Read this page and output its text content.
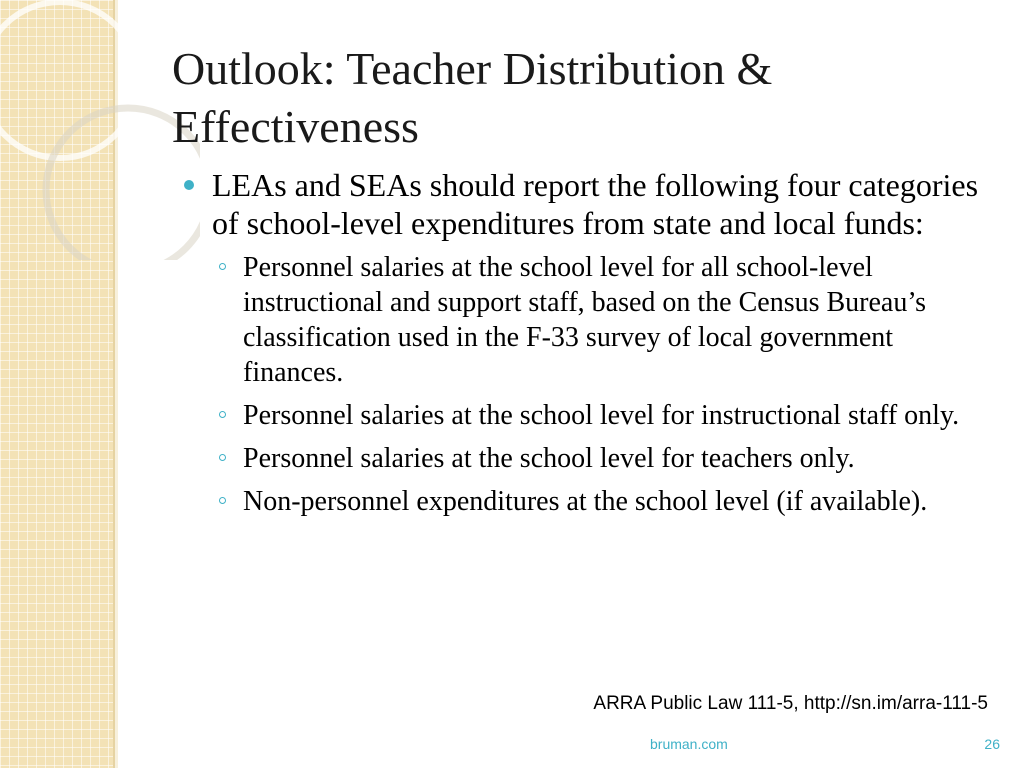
Outlook: Teacher Distribution & Effectiveness
LEAs and SEAs should report the following four categories of school-level expenditures from state and local funds:
Personnel salaries at the school level for all school-level instructional and support staff, based on the Census Bureau’s classification used in the F-33 survey of local government finances.
Personnel salaries at the school level for instructional staff only.
Personnel salaries at the school level for teachers only.
Non-personnel expenditures at the school level (if available).
ARRA Public Law 111-5, http://sn.im/arra-111-5
bruman.com	26
